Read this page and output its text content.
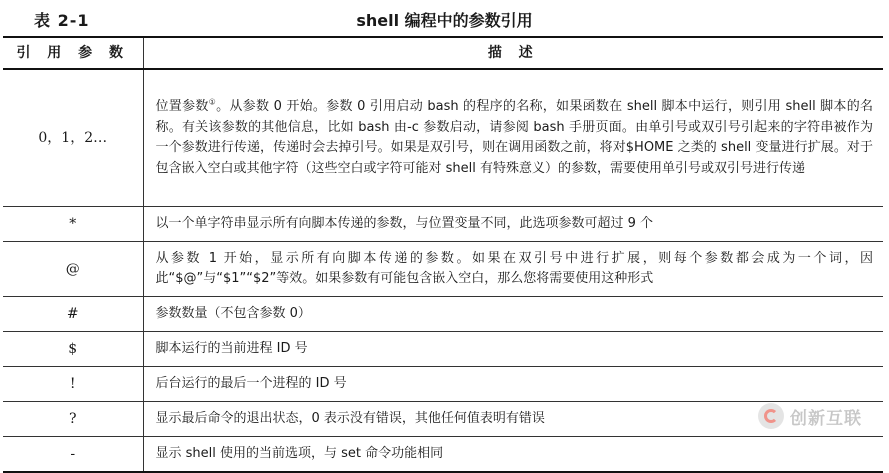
表 2-1	shell 编程中的参数引用
引 用 参 数	描 述
0，1，2…	位置参数①。从参数 0 开始。参数 0 引用启动 bash 的程序的名称，如果函数在 shell 脚本中运行，则引用 shell 脚本的名称。有关该参数的其他信息，比如 bash 由-c 参数启动，请参阅 bash 手册页面。由单引号或双引号引起来的字符串被作为一个参数进行传递，传递时会去掉引号。如果是双引号，则在调用函数之前，将对$HOME 之类的 shell 变量进行扩展。对于包含嵌入空白或其他字符（这些空白或字符可能对 shell 有特殊意义）的参数，需要使用单引号或双引号进行传递
*	以一个单字符串显示所有向脚本传递的参数，与位置变量不同，此选项参数可超过 9 个
@	从参数 1 开始，显示所有向脚本传递的参数。如果在双引号中进行扩展，则每个参数都会成为一个词，因此“$@”与“$1”“$2”等效。如果参数有可能包含嵌入空白，那么您将需要使用这种形式
#	参数数量（不包含参数 0）
$	脚本运行的当前进程 ID 号
!	后台运行的最后一个进程的 ID 号
?	显示最后命令的退出状态，0 表示没有错误，其他任何值表明有错误
-	显示 shell 使用的当前选项，与 set 命令功能相同
创新互联
